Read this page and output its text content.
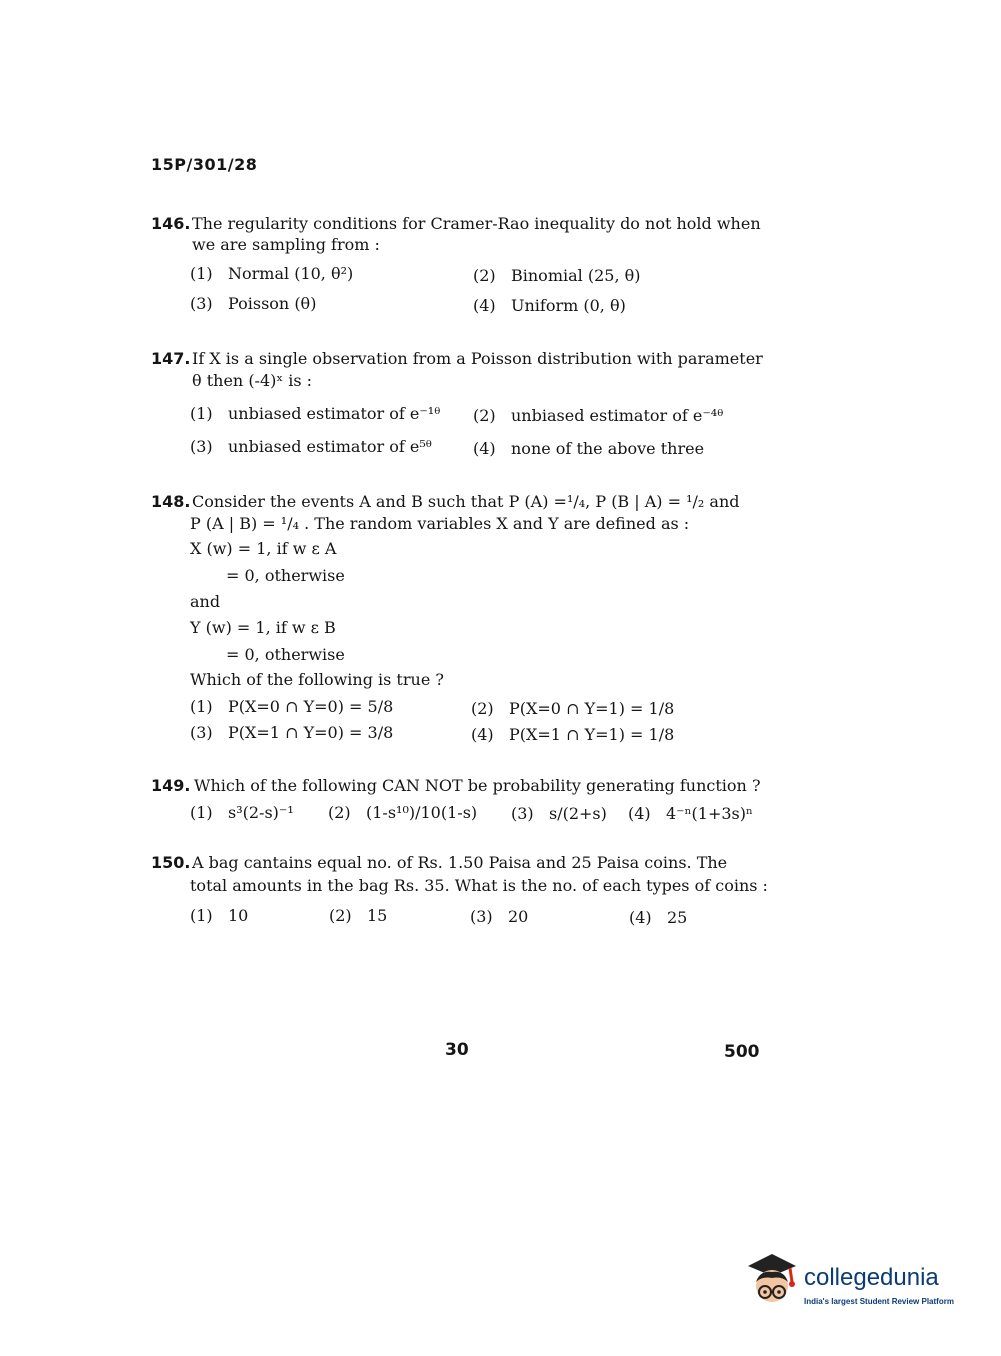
15P/301/28
146. The regularity conditions for Cramer-Rao inequality do not hold when
we are sampling from :
(1) Normal (10, θ²)	(2) Binomial (25, θ)
(3) Poisson (θ)	(4) Uniform (0, θ)
147. If X is a single observation from a Poisson distribution with parameter
θ then (-4)ˣ is :
(1) unbiased estimator of e⁻¹ᶿ (2) unbiased estimator of e⁻⁴ᶿ
(3) unbiased estimator of e⁵ᶿ	(4) none of the above three
148. Consider the events A and B such that P (A) =¹/₄, P (B | A) = ¹/₂ and
P (A | B) = ¹/₄ . The random variables X and Y are defined as :
X (w) = 1, if w ε A
= 0, otherwise
and
Y (w) = 1, if w ε B
= 0, otherwise
Which of the following is true ?
(1) P(X=0 ∩ Y=0) = 5/8	(2) P(X=0 ∩ Y=1) = 1/8
(3) P(X=1 ∩ Y=0) = 3/8	(4) P(X=1 ∩ Y=1) = 1/8
149. Which of the following CAN NOT be probability generating function ?
(1) s³(2-s)⁻¹ (2) (1-s¹⁰)/10(1-s) (3) s/(2+s) (4) 4⁻ⁿ(1+3s)ⁿ
150. A bag cantains equal no. of Rs. 1.50 Paisa and 25 Paisa coins. The
total amounts in the bag Rs. 35. What is the no. of each types of coins :
(1) 10	(2) 15	(3) 20	(4) 25
30	500
collegedunia
India's largest Student Review Platform
